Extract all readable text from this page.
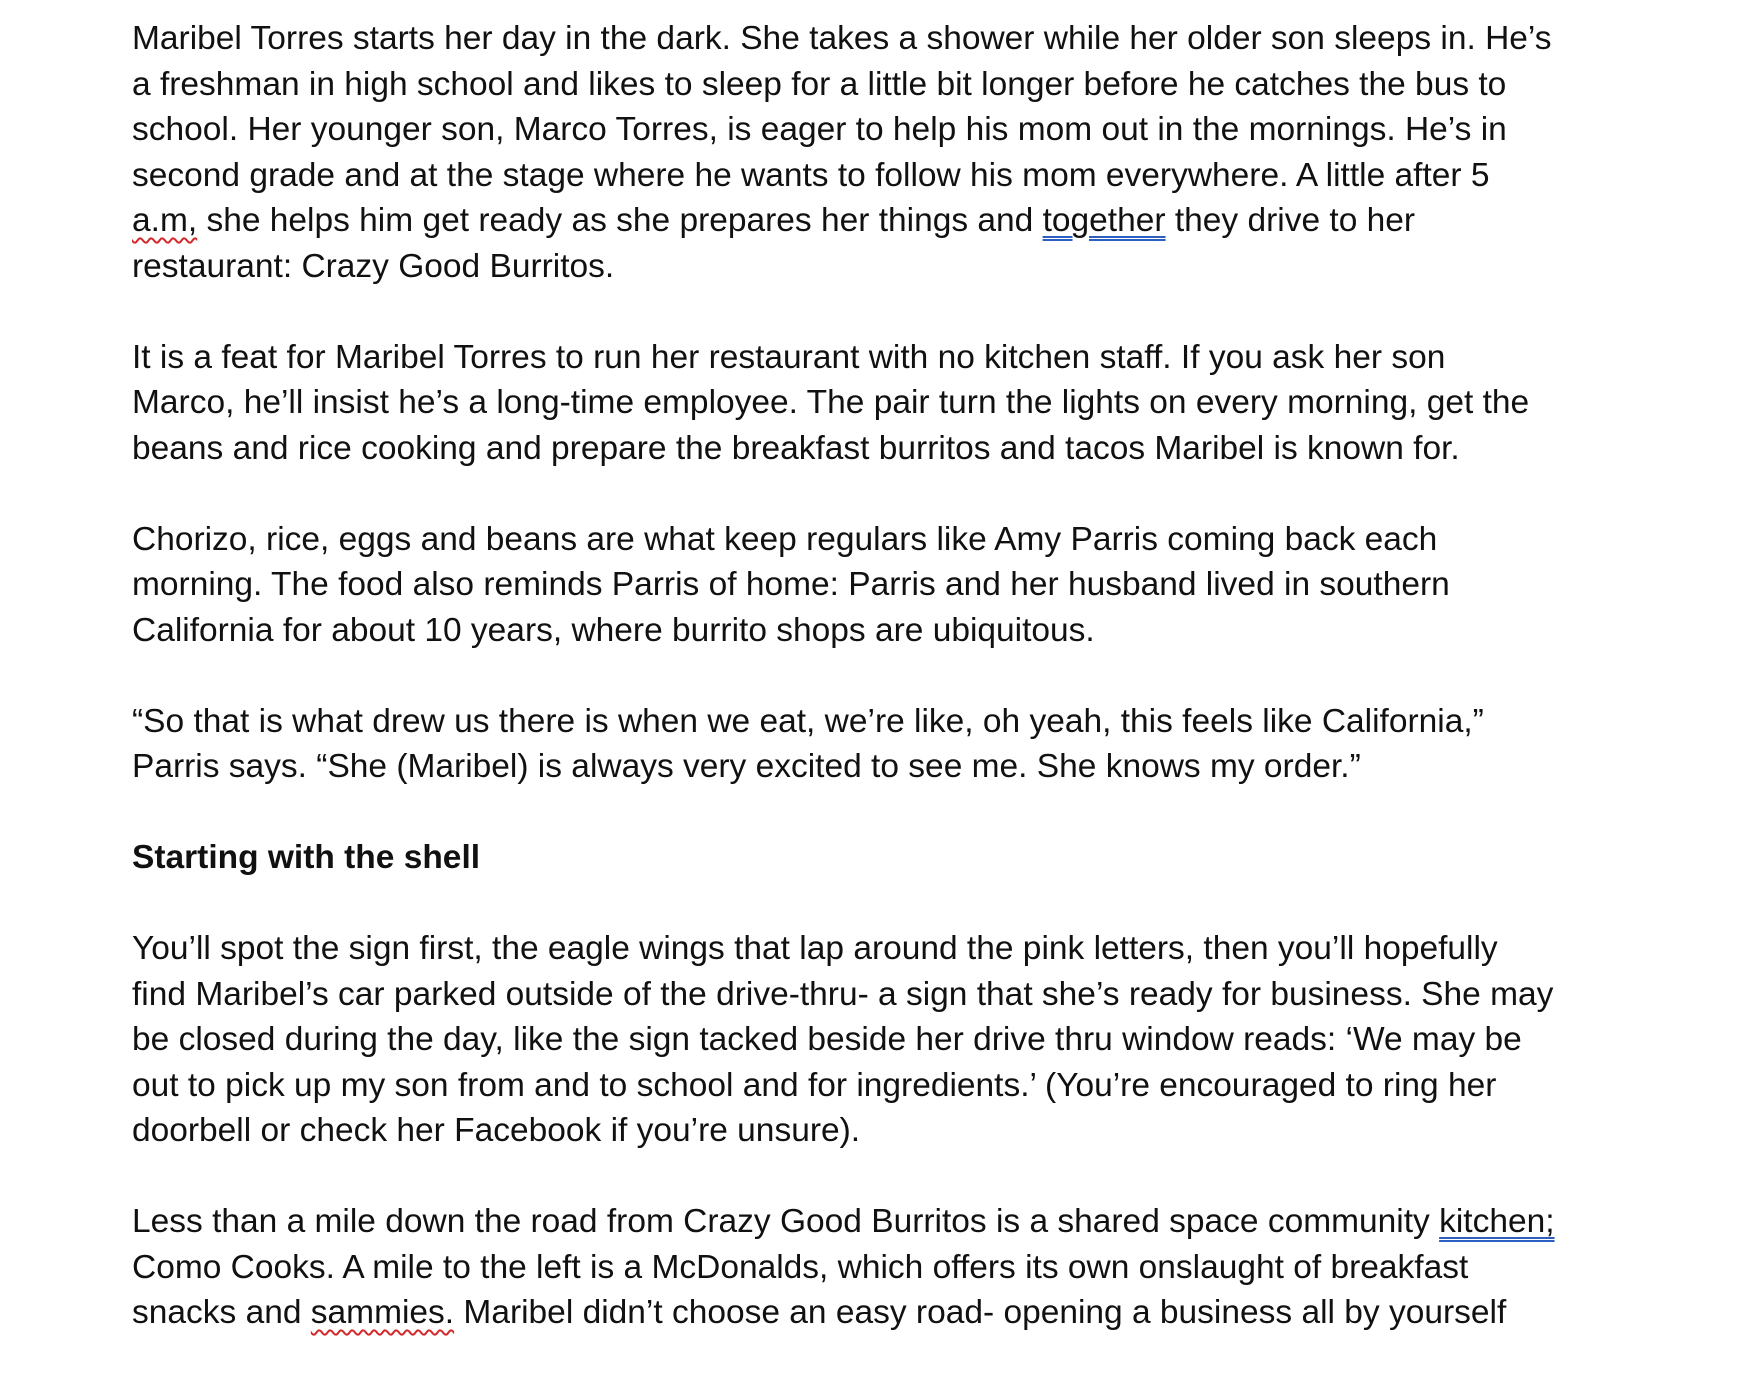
Maribel Torres starts her day in the dark. She takes a shower while her older son sleeps in. He’s
a freshman in high school and likes to sleep for a little bit longer before he catches the bus to
school. Her younger son, Marco Torres, is eager to help his mom out in the mornings. He’s in
second grade and at the stage where he wants to follow his mom everywhere. A little after 5
a.m, she helps him get ready as she prepares her things and together they drive to her
restaurant: Crazy Good Burritos.

It is a feat for Maribel Torres to run her restaurant with no kitchen staff. If you ask her son
Marco, he’ll insist he’s a long-time employee. The pair turn the lights on every morning, get the
beans and rice cooking and prepare the breakfast burritos and tacos Maribel is known for.

Chorizo, rice, eggs and beans are what keep regulars like Amy Parris coming back each
morning. The food also reminds Parris of home: Parris and her husband lived in southern
California for about 10 years, where burrito shops are ubiquitous.

“So that is what drew us there is when we eat, we’re like, oh yeah, this feels like California,”
Parris says. “She (Maribel) is always very excited to see me. She knows my order.”

Starting with the shell

You’ll spot the sign first, the eagle wings that lap around the pink letters, then you’ll hopefully
find Maribel’s car parked outside of the drive-thru- a sign that she’s ready for business. She may
be closed during the day, like the sign tacked beside her drive thru window reads: ‘We may be
out to pick up my son from and to school and for ingredients.’ (You’re encouraged to ring her
doorbell or check her Facebook if you’re unsure).

Less than a mile down the road from Crazy Good Burritos is a shared space community kitchen;
Como Cooks. A mile to the left is a McDonalds, which offers its own onslaught of breakfast
snacks and sammies. Maribel didn’t choose an easy road- opening a business all by yourself
